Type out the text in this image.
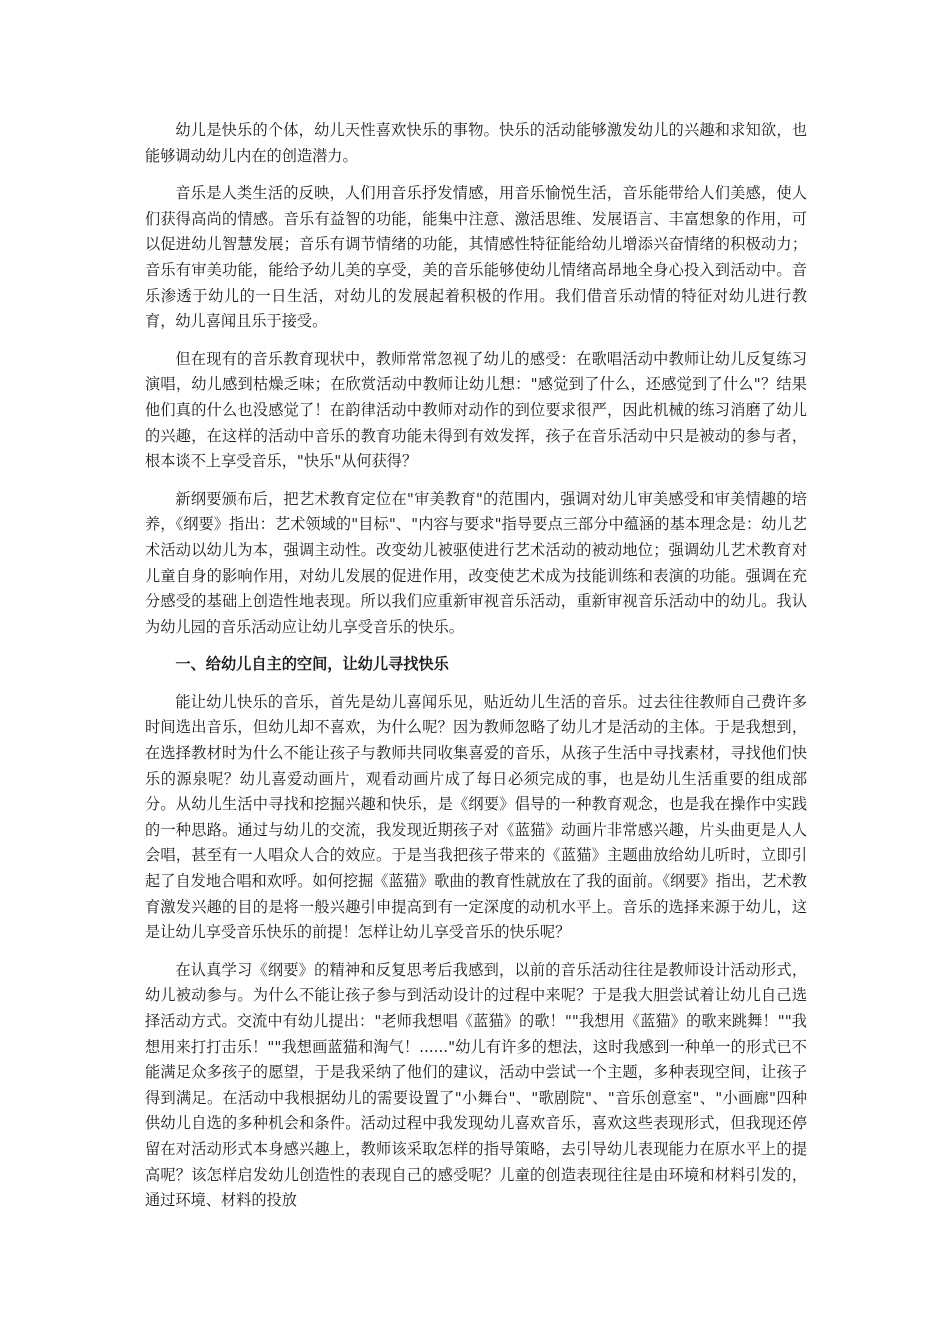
幼儿是快乐的个体，幼儿天性喜欢快乐的事物。快乐的活动能够激发幼儿的兴趣和求知欲，也能够调动幼儿内在的创造潜力。

音乐是人类生活的反映，人们用音乐抒发情感，用音乐愉悦生活，音乐能带给人们美感，使人们获得高尚的情感。音乐有益智的功能，能集中注意、激活思维、发展语言、丰富想象的作用，可以促进幼儿智慧发展；音乐有调节情绪的功能，其情感性特征能给幼儿增添兴奋情绪的积极动力；音乐有审美功能，能给予幼儿美的享受，美的音乐能够使幼儿情绪高昂地全身心投入到活动中。音乐渗透于幼儿的一日生活，对幼儿的发展起着积极的作用。我们借音乐动情的特征对幼儿进行教育，幼儿喜闻且乐于接受。

但在现有的音乐教育现状中，教师常常忽视了幼儿的感受：在歌唱活动中教师让幼儿反复练习演唱，幼儿感到枯燥乏味；在欣赏活动中教师让幼儿想："感觉到了什么，还感觉到了什么"？结果他们真的什么也没感觉了！在韵律活动中教师对动作的到位要求很严，因此机械的练习消磨了幼儿的兴趣，在这样的活动中音乐的教育功能未得到有效发挥，孩子在音乐活动中只是被动的参与者，根本谈不上享受音乐，"快乐"从何获得？

新纲要颁布后，把艺术教育定位在"审美教育"的范围内，强调对幼儿审美感受和审美情趣的培养，《纲要》指出：艺术领域的"目标"、"内容与要求"指导要点三部分中蕴涵的基本理念是：幼儿艺术活动以幼儿为本，强调主动性。改变幼儿被驱使进行艺术活动的被动地位；强调幼儿艺术教育对儿童自身的影响作用，对幼儿发展的促进作用，改变使艺术成为技能训练和表演的功能。强调在充分感受的基础上创造性地表现。所以我们应重新审视音乐活动，重新审视音乐活动中的幼儿。我认为幼儿园的音乐活动应让幼儿享受音乐的快乐。

一、给幼儿自主的空间，让幼儿寻找快乐

能让幼儿快乐的音乐，首先是幼儿喜闻乐见，贴近幼儿生活的音乐。过去往往教师自己费许多时间选出音乐，但幼儿却不喜欢，为什么呢？因为教师忽略了幼儿才是活动的主体。于是我想到，在选择教材时为什么不能让孩子与教师共同收集喜爱的音乐，从孩子生活中寻找素材，寻找他们快乐的源泉呢？幼儿喜爱动画片，观看动画片成了每日必须完成的事，也是幼儿生活重要的组成部分。从幼儿生活中寻找和挖掘兴趣和快乐，是《纲要》倡导的一种教育观念，也是我在操作中实践的一种思路。通过与幼儿的交流，我发现近期孩子对《蓝猫》动画片非常感兴趣，片头曲更是人人会唱，甚至有一人唱众人合的效应。于是当我把孩子带来的《蓝猫》主题曲放给幼儿听时，立即引起了自发地合唱和欢呼。如何挖掘《蓝猫》歌曲的教育性就放在了我的面前。《纲要》指出，艺术教育激发兴趣的目的是将一般兴趣引申提高到有一定深度的动机水平上。音乐的选择来源于幼儿，这是让幼儿享受音乐快乐的前提！怎样让幼儿享受音乐的快乐呢？

在认真学习《纲要》的精神和反复思考后我感到，以前的音乐活动往往是教师设计活动形式，幼儿被动参与。为什么不能让孩子参与到活动设计的过程中来呢？于是我大胆尝试着让幼儿自己选择活动方式。交流中有幼儿提出："老师我想唱《蓝猫》的歌！""我想用《蓝猫》的歌来跳舞！""我想用来打打击乐！""我想画蓝猫和淘气！......"幼儿有许多的想法，这时我感到一种单一的形式已不能满足众多孩子的愿望，于是我采纳了他们的建议，活动中尝试一个主题，多种表现空间，让孩子得到满足。在活动中我根据幼儿的需要设置了"小舞台"、"歌剧院"、"音乐创意室"、"小画廊"四种供幼儿自选的多种机会和条件。活动过程中我发现幼儿喜欢音乐，喜欢这些表现形式，但我现还停留在对活动形式本身感兴趣上，教师该采取怎样的指导策略，去引导幼儿表现能力在原水平上的提高呢？该怎样启发幼儿创造性的表现自己的感受呢？儿童的创造表现往往是由环境和材料引发的，通过环境、材料的投放
